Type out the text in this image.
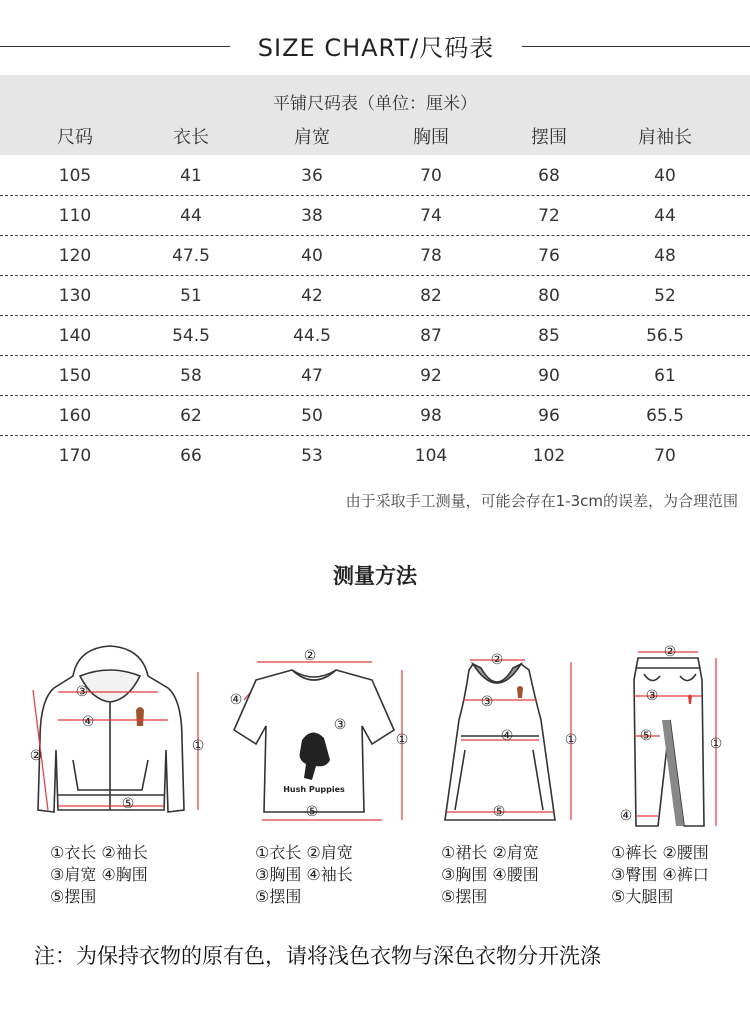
SIZE CHART/尺码表
平铺尺码表（单位：厘米）
尺码	衣长	肩宽	胸围	摆围	肩袖长
105	41	36	70	68	40
110	44	38	74	72	44
120	47.5	40	78	76	48
130	51	42	82	80	52
140	54.5	44.5	87	85	56.5
150	58	47	92	90	61
160	62	50	98	96	65.5
170	66	53	104	102	70
由于采取手工测量，可能会存在1-3cm的误差，为合理范围
测量方法
③
④
⑤
②
①
Hush Puppies
②
③
④
⑤
①
②
③
④
⑤
①
②
③
⑤
④
①
①衣长 ②袖长
③肩宽 ④胸围
⑤摆围
①衣长 ②肩宽
③胸围 ④袖长
⑤摆围
①裙长 ②肩宽
③胸围 ④腰围
⑤摆围
①裤长 ②腰围
③臀围 ④裤口
⑤大腿围
注：为保持衣物的原有色，请将浅色衣物与深色衣物分开洗涤
